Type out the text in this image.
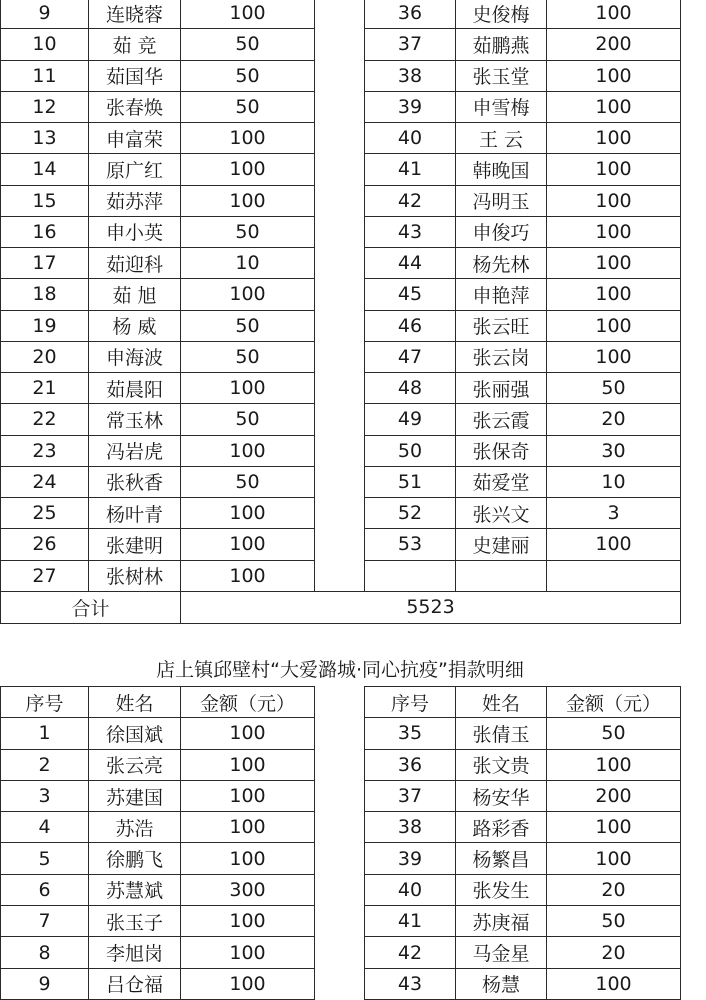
9	连晓蓉	100		36	史俊梅	100
10	茹 竞	50		37	茹鹏燕	200
11	茹国华	50		38	张玉堂	100
12	张春焕	50		39	申雪梅	100
13	申富荣	100		40	王 云	100
14	原广红	100		41	韩晚国	100
15	茹苏萍	100		42	冯明玉	100
16	申小英	50		43	申俊巧	100
17	茹迎科	10		44	杨先林	100
18	茹 旭	100		45	申艳萍	100
19	杨 威	50		46	张云旺	100
20	申海波	50		47	张云岗	100
21	茹晨阳	100		48	张丽强	50
22	常玉林	50		49	张云霞	20
23	冯岩虎	100		50	张保奇	30
24	张秋香	50		51	茹爱堂	10
25	杨叶青	100		52	张兴文	3
26	张建明	100		53	史建丽	100
27	张树林	100				
合计		5523				
店上镇邱壁村“大爱潞城·同心抗疫”捐款明细
序号	姓名	金额（元）		序号	姓名	金额（元）
1	徐国斌	100		35	张倩玉	50
2	张云亮	100		36	张文贵	100
3	苏建国	100		37	杨安华	200
4	苏浩	100		38	路彩香	100
5	徐鹏飞	100		39	杨繁昌	100
6	苏慧斌	300		40	张发生	20
7	张玉子	100		41	苏庚福	50
8	李旭岗	100		42	马金星	20
9	吕仓福	100		43	杨慧	100
